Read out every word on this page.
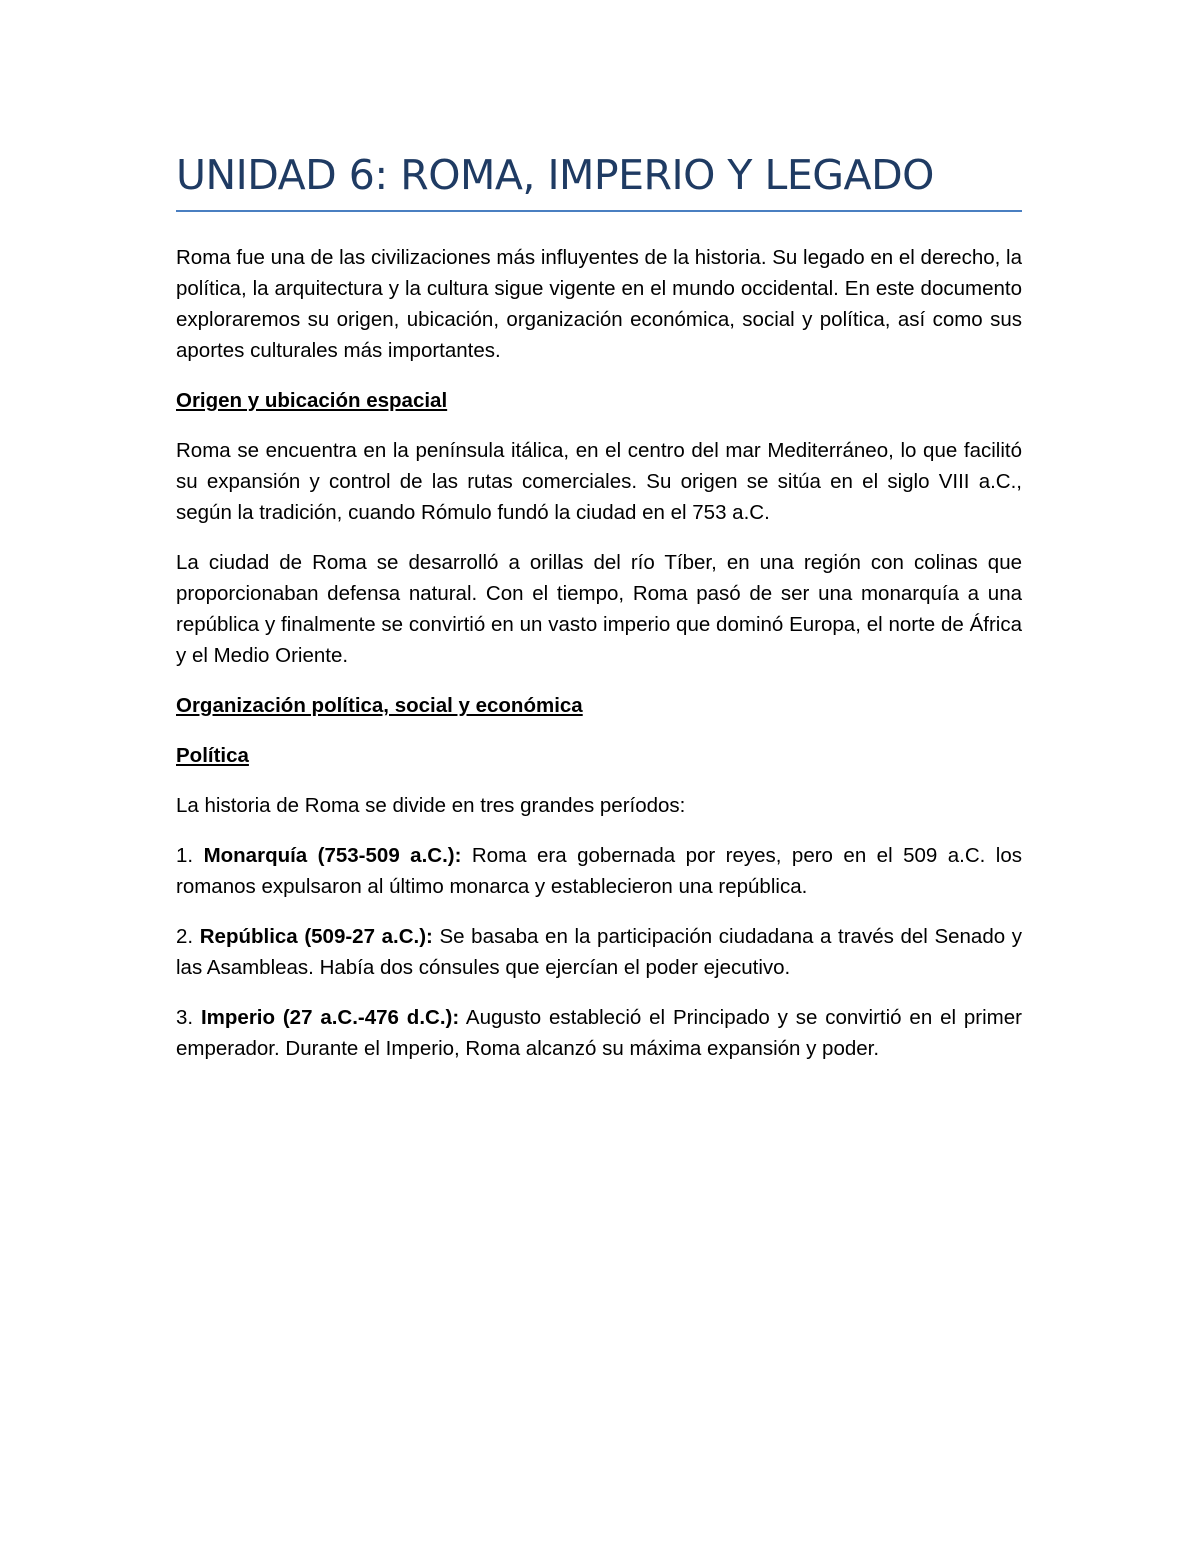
UNIDAD 6: ROMA, IMPERIO Y LEGADO

Roma fue una de las civilizaciones más influyentes de la historia. Su legado en el derecho, la política, la arquitectura y la cultura sigue vigente en el mundo occidental. En este documento exploraremos su origen, ubicación, organización económica, social y política, así como sus aportes culturales más importantes.

Origen y ubicación espacial

Roma se encuentra en la península itálica, en el centro del mar Mediterráneo, lo que facilitó su expansión y control de las rutas comerciales. Su origen se sitúa en el siglo VIII a.C., según la tradición, cuando Rómulo fundó la ciudad en el 753 a.C.

La ciudad de Roma se desarrolló a orillas del río Tíber, en una región con colinas que proporcionaban defensa natural. Con el tiempo, Roma pasó de ser una monarquía a una república y finalmente se convirtió en un vasto imperio que dominó Europa, el norte de África y el Medio Oriente.

Organización política, social y económica

Política

La historia de Roma se divide en tres grandes períodos:

1. Monarquía (753-509 a.C.): Roma era gobernada por reyes, pero en el 509 a.C. los romanos expulsaron al último monarca y establecieron una república.

2. República (509-27 a.C.): Se basaba en la participación ciudadana a través del Senado y las Asambleas. Había dos cónsules que ejercían el poder ejecutivo.

3. Imperio (27 a.C.-476 d.C.): Augusto estableció el Principado y se convirtió en el primer emperador. Durante el Imperio, Roma alcanzó su máxima expansión y poder.
